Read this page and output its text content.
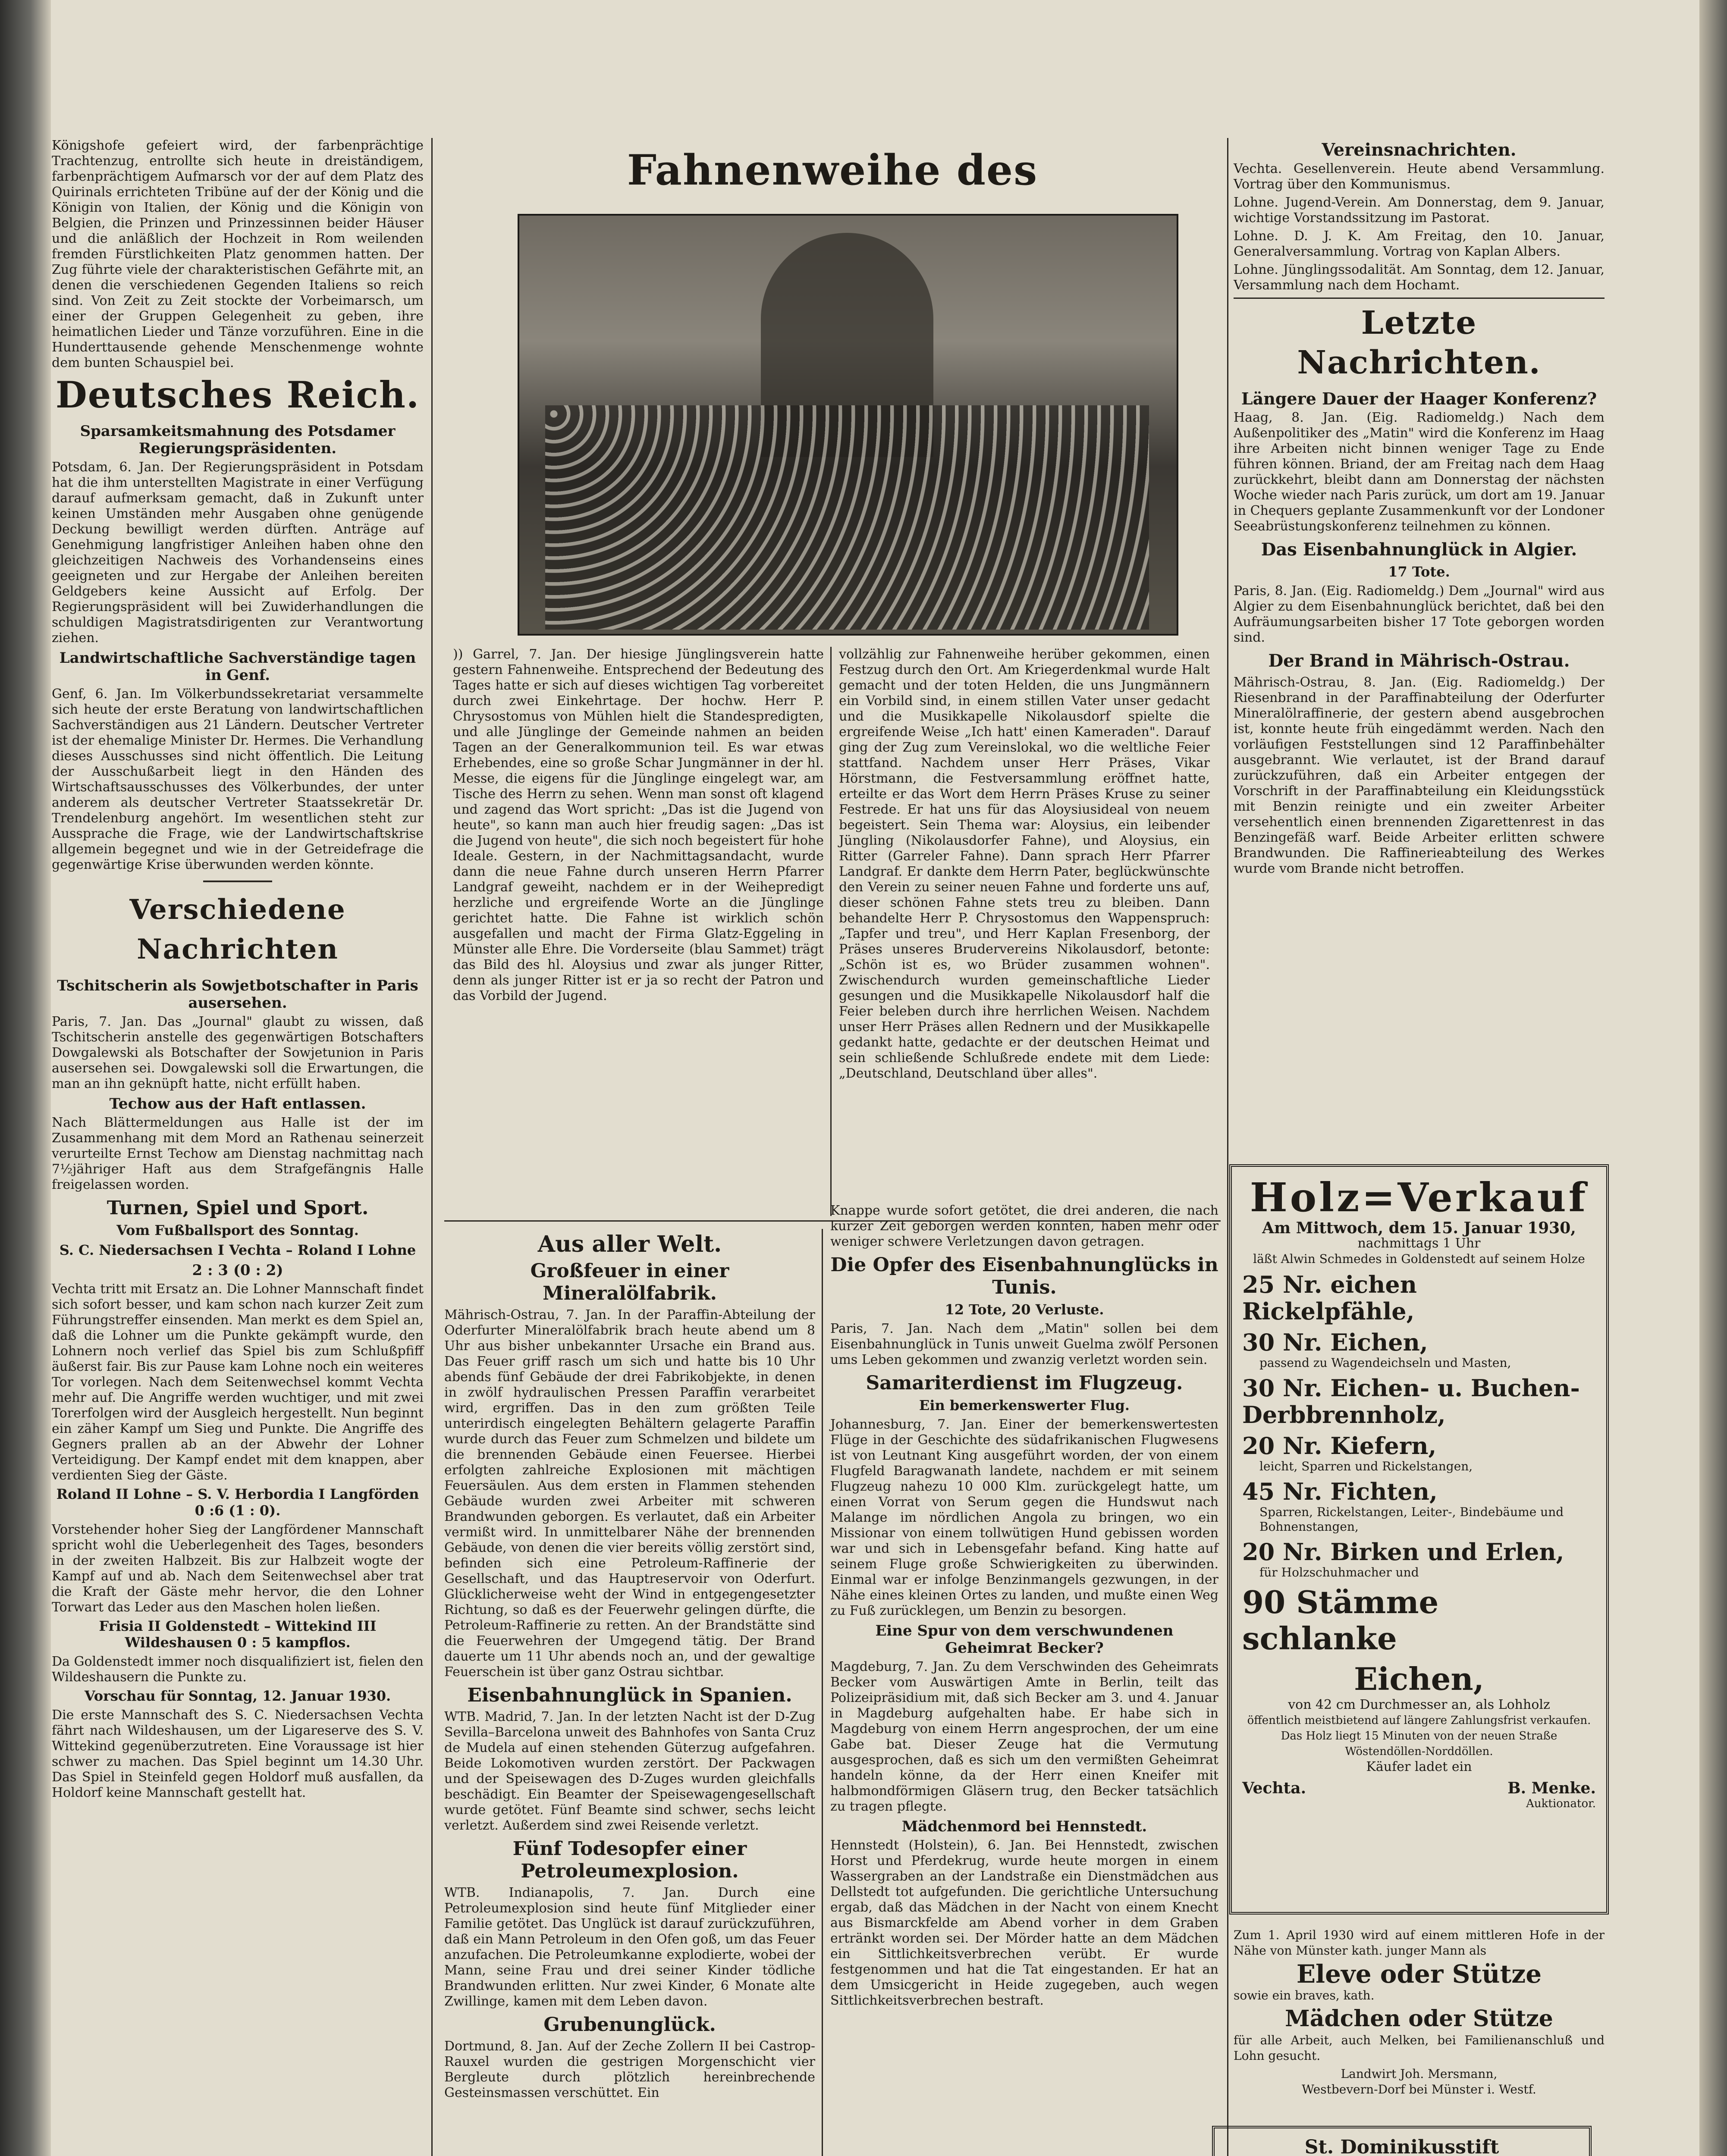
Königshofe gefeiert wird, der farbenprächtige Trachtenzug, entrollte sich heute in dreiständigem, farbenprächtigem Aufmarsch vor der auf dem Platz des Quirinals errichteten Tribüne auf der der König und die Königin von Italien, der König und die Königin von Belgien, die Prinzen und Prinzessinnen beider Häuser und die anläßlich der Hochzeit in Rom weilenden fremden Fürstlichkeiten Platz genommen hatten. Der Zug führte viele der charakteristischen Gefährte mit, an denen die verschiedenen Gegenden Italiens so reich sind. Von Zeit zu Zeit stockte der Vorbeimarsch, um einer der Gruppen Gelegenheit zu geben, ihre heimatlichen Lieder und Tänze vorzuführen. Eine in die Hunderttausende gehende Menschenmenge wohnte dem bunten Schauspiel bei.

Deutsches Reich.
Sparsamkeitsmahnung des Potsdamer Regierungspräsidenten.

Potsdam, 6. Jan. Der Regierungspräsident in Potsdam hat die ihm unterstellten Magistrate in einer Verfügung darauf aufmerksam gemacht, daß in Zukunft unter keinen Umständen mehr Ausgaben ohne genügende Deckung bewilligt werden dürften. Anträge auf Genehmigung langfristiger Anleihen haben ohne den gleichzeitigen Nachweis des Vorhandenseins eines geeigneten und zur Hergabe der Anleihen bereiten Geldgebers keine Aussicht auf Erfolg. Der Regierungspräsident will bei Zuwiderhandlungen die schuldigen Magistratsdirigenten zur Verantwortung ziehen.

Landwirtschaftliche Sachverständige tagen in Genf.

Genf, 6. Jan. Im Völkerbundssekretariat versammelte sich heute der erste Beratung von landwirtschaftlichen Sachverständigen aus 21 Ländern. Deutscher Vertreter ist der ehemalige Minister Dr. Hermes. Die Verhandlung dieses Ausschusses sind nicht öffentlich. Die Leitung der Ausschußarbeit liegt in den Händen des Wirtschaftsausschusses des Völkerbundes, der unter anderem als deutscher Vertreter Staatssekretär Dr. Trendelenburg angehört. Im wesentlichen steht zur Aussprache die Frage, wie der Landwirtschaftskrise allgemein begegnet und wie in der Getreidefrage die gegenwärtige Krise überwunden werden könnte.

Verschiedene Nachrichten
Tschitscherin als Sowjetbotschafter in Paris ausersehen.

Paris, 7. Jan. Das „Journal" glaubt zu wissen, daß Tschitscherin anstelle des gegenwärtigen Botschafters Dowgalewski als Botschafter der Sowjetunion in Paris ausersehen sei. Dowgalewski soll die Erwartungen, die man an ihn geknüpft hatte, nicht erfüllt haben.

Techow aus der Haft entlassen.

Nach Blättermeldungen aus Halle ist der im Zusammenhang mit dem Mord an Rathenau seinerzeit verurteilte Ernst Techow am Dienstag nachmittag nach 7½jähriger Haft aus dem Strafgefängnis Halle freigelassen worden.

Turnen, Spiel und Sport.
Vom Fußballsport des Sonntag.
S. C. Niedersachsen I Vechta – Roland I Lohne
2 : 3 (0 : 2)

Vechta tritt mit Ersatz an. Die Lohner Mannschaft findet sich sofort besser, und kam schon nach kurzer Zeit zum Führungstreffer einsenden. Man merkt es dem Spiel an, daß die Lohner um die Punkte gekämpft wurde, den Lohnern noch verlief das Spiel bis zum Schlußpfiff äußerst fair. Bis zur Pause kam Lohne noch ein weiteres Tor vorlegen. Nach dem Seitenwechsel kommt Vechta mehr auf. Die Angriffe werden wuchtiger, und mit zwei Torerfolgen wird der Ausgleich hergestellt. Nun beginnt ein zäher Kampf um Sieg und Punkte. Die Angriffe des Gegners prallen ab an der Abwehr der Lohner Verteidigung. Der Kampf endet mit dem knappen, aber verdienten Sieg der Gäste.

Roland II Lohne – S. V. Herbordia I Langförden 0 :6 (1 : 0).

Vorstehender hoher Sieg der Langfördener Mannschaft spricht wohl die Ueberlegenheit des Tages, besonders in der zweiten Halbzeit. Bis zur Halbzeit wogte der Kampf auf und ab. Nach dem Seitenwechsel aber trat die Kraft der Gäste mehr hervor, die den Lohner Torwart das Leder aus den Maschen holen ließen.

Frisia II Goldenstedt – Wittekind III Wildeshausen 0 : 5 kampflos.

Da Goldenstedt immer noch disqualifiziert ist, fielen den Wildeshausern die Punkte zu.

Vorschau für Sonntag, 12. Januar 1930.

Die erste Mannschaft des S. C. Niedersachsen Vechta fährt nach Wildeshausen, um der Ligareserve des S. V. Wittekind gegenüberzutreten. Eine Voraussage ist hier schwer zu machen. Das Spiel beginnt um 14.30 Uhr. Das Spiel in Steinfeld gegen Holdorf muß ausfallen, da Holdorf keine Mannschaft gestellt hat.

Fahnenweihe des

)) Garrel, 7. Jan. Der hiesige Jünglingsverein hatte gestern Fahnenweihe. Entsprechend der Bedeutung des Tages hatte er sich auf dieses wichtigen Tag vorbereitet durch zwei Einkehrtage. Der hochw. Herr P. Chrysostomus von Mühlen hielt die Standespredigten, und alle Jünglinge der Gemeinde nahmen an beiden Tagen an der Generalkommunion teil. Es war etwas Erhebendes, eine so große Schar Jungmänner in der hl. Messe, die eigens für die Jünglinge eingelegt war, am Tische des Herrn zu sehen. Wenn man sonst oft klagend und zagend das Wort spricht: „Das ist die Jugend von heute", so kann man auch hier freudig sagen: „Das ist die Jugend von heute", die sich noch begeistert für hohe Ideale. Gestern, in der Nachmittagsandacht, wurde dann die neue Fahne durch unseren Herrn Pfarrer Landgraf geweiht, nachdem er in der Weihepredigt herzliche und ergreifende Worte an die Jünglinge gerichtet hatte. Die Fahne ist wirklich schön ausgefallen und macht der Firma Glatz-Eggeling in Münster alle Ehre. Die Vorderseite (blau Sammet) trägt das Bild des hl. Aloysius und zwar als junger Ritter, denn als junger Ritter ist er ja so recht der Patron und das Vorbild der Jugend.

vollzählig zur Fahnenweihe herüber gekommen, einen Festzug durch den Ort. Am Kriegerdenkmal wurde Halt gemacht und der toten Helden, die uns Jungmännern ein Vorbild sind, in einem stillen Vater unser gedacht und die Musikkapelle Nikolausdorf spielte die ergreifende Weise „Ich hatt' einen Kameraden". Darauf ging der Zug zum Vereinslokal, wo die weltliche Feier stattfand. Nachdem unser Herr Präses, Vikar Hörstmann, die Festversammlung eröffnet hatte, erteilte er das Wort dem Herrn Präses Kruse zu seiner Festrede. Er hat uns für das Aloysiusideal von neuem begeistert. Sein Thema war: Aloysius, ein leibender Jüngling (Nikolausdorfer Fahne), und Aloysius, ein Ritter (Garreler Fahne). Dann sprach Herr Pfarrer Landgraf. Er dankte dem Herrn Pater, beglückwünschte den Verein zu seiner neuen Fahne und forderte uns auf, dieser schönen Fahne stets treu zu bleiben. Dann behandelte Herr P. Chrysostomus den Wappenspruch: „Tapfer und treu", und Herr Kaplan Fresenborg, der Präses unseres Brudervereins Nikolausdorf, betonte: „Schön ist es, wo Brüder zusammen wohnen". Zwischendurch wurden gemeinschaftliche Lieder gesungen und die Musikkapelle Nikolausdorf half die Feier beleben durch ihre herrlichen Weisen. Nachdem unser Herr Präses allen Rednern und der Musikkapelle gedankt hatte, gedachte er der deutschen Heimat und sein schließende Schlußrede endete mit dem Liede: „Deutschland, Deutschland über alles".

Aus aller Welt.
Großfeuer in einer Mineralölfabrik.

Mährisch-Ostrau, 7. Jan. In der Paraffin-Abteilung der Oderfurter Mineralölfabrik brach heute abend um 8 Uhr aus bisher unbekannter Ursache ein Brand aus. Das Feuer griff rasch um sich und hatte bis 10 Uhr abends fünf Gebäude der drei Fabrikobjekte, in denen in zwölf hydraulischen Pressen Paraffin verarbeitet wird, ergriffen. Das in den zum größten Teile unterirdisch eingelegten Behältern gelagerte Paraffin wurde durch das Feuer zum Schmelzen und bildete um die brennenden Gebäude einen Feuersee. Hierbei erfolgten zahlreiche Explosionen mit mächtigen Feuersäulen. Aus dem ersten in Flammen stehenden Gebäude wurden zwei Arbeiter mit schweren Brandwunden geborgen. Es verlautet, daß ein Arbeiter vermißt wird. In unmittelbarer Nähe der brennenden Gebäude, von denen die vier bereits völlig zerstört sind, befinden sich eine Petroleum-Raffinerie der Gesellschaft, und das Hauptreservoir von Oderfurt. Glücklicherweise weht der Wind in entgegengesetzter Richtung, so daß es der Feuerwehr gelingen dürfte, die Petroleum-Raffinerie zu retten. An der Brandstätte sind die Feuerwehren der Umgegend tätig. Der Brand dauerte um 11 Uhr abends noch an, und der gewaltige Feuerschein ist über ganz Ostrau sichtbar.

Eisenbahnunglück in Spanien.

WTB. Madrid, 7. Jan. In der letzten Nacht ist der D-Zug Sevilla–Barcelona unweit des Bahnhofes von Santa Cruz de Mudela auf einen stehenden Güterzug aufgefahren. Beide Lokomotiven wurden zerstört. Der Packwagen und der Speisewagen des D-Zuges wurden gleichfalls beschädigt. Ein Beamter der Speisewagengesellschaft wurde getötet. Fünf Beamte sind schwer, sechs leicht verletzt. Außerdem sind zwei Reisende verletzt.

Fünf Todesopfer einer Petroleumexplosion.

WTB. Indianapolis, 7. Jan. Durch eine Petroleumexplosion sind heute fünf Mitglieder einer Familie getötet. Das Unglück ist darauf zurückzuführen, daß ein Mann Petroleum in den Ofen goß, um das Feuer anzufachen. Die Petroleumkanne explodierte, wobei der Mann, seine Frau und drei seiner Kinder tödliche Brandwunden erlitten. Nur zwei Kinder, 6 Monate alte Zwillinge, kamen mit dem Leben davon.

Grubenunglück.

Dortmund, 8. Jan. Auf der Zeche Zollern II bei Castrop-Rauxel wurden die gestrigen Morgenschicht vier Bergleute durch plötzlich hereinbrechende Gesteinsmassen verschüttet. Ein

Knappe wurde sofort getötet, die drei anderen, die nach kurzer Zeit geborgen werden konnten, haben mehr oder weniger schwere Verletzungen davon getragen.

Die Opfer des Eisenbahnunglücks in Tunis.
12 Tote, 20 Verluste.

Paris, 7. Jan. Nach dem „Matin" sollen bei dem Eisenbahnunglück in Tunis unweit Guelma zwölf Personen ums Leben gekommen und zwanzig verletzt worden sein.

Samariterdienst im Flugzeug.
Ein bemerkenswerter Flug.

Johannesburg, 7. Jan. Einer der bemerkenswertesten Flüge in der Geschichte des südafrikanischen Flugwesens ist von Leutnant King ausgeführt worden, der von einem Flugfeld Baragwanath landete, nachdem er mit seinem Flugzeug nahezu 10 000 Klm. zurückgelegt hatte, um einen Vorrat von Serum gegen die Hundswut nach Malange im nördlichen Angola zu bringen, wo ein Missionar von einem tollwütigen Hund gebissen worden war und sich in Lebensgefahr befand. King hatte auf seinem Fluge große Schwierigkeiten zu überwinden. Einmal war er infolge Benzinmangels gezwungen, in der Nähe eines kleinen Ortes zu landen, und mußte einen Weg zu Fuß zurücklegen, um Benzin zu besorgen.

Eine Spur von dem verschwundenen Geheimrat Becker?

Magdeburg, 7. Jan. Zu dem Verschwinden des Geheimrats Becker vom Auswärtigen Amte in Berlin, teilt das Polizeipräsidium mit, daß sich Becker am 3. und 4. Januar in Magdeburg aufgehalten habe. Er habe sich in Magdeburg von einem Herrn angesprochen, der um eine Gabe bat. Dieser Zeuge hat die Vermutung ausgesprochen, daß es sich um den vermißten Geheimrat handeln könne, da der Herr einen Kneifer mit halbmondförmigen Gläsern trug, den Becker tatsächlich zu tragen pflegte.

Mädchenmord bei Hennstedt.

Hennstedt (Holstein), 6. Jan. Bei Hennstedt, zwischen Horst und Pferdekrug, wurde heute morgen in einem Wassergraben an der Landstraße ein Dienstmädchen aus Dellstedt tot aufgefunden. Die gerichtliche Untersuchung ergab, daß das Mädchen in der Nacht von einem Knecht aus Bismarckfelde am Abend vorher in dem Graben ertränkt worden sei. Der Mörder hatte an dem Mädchen ein Sittlichkeitsverbrechen verübt. Er wurde festgenommen und hat die Tat eingestanden. Er hat an dem Umsicgericht in Heide zugegeben, auch wegen Sittlichkeitsverbrechen bestraft.

Vereinsnachrichten.

Vechta. Gesellenverein. Heute abend Versammlung. Vortrag über den Kommunismus.

Lohne. Jugend-Verein. Am Donnerstag, dem 9. Januar, wichtige Vorstandssitzung im Pastorat.

Lohne. D. J. K. Am Freitag, den 10. Januar, Generalversammlung. Vortrag von Kaplan Albers.

Lohne. Jünglingssodalität. Am Sonntag, dem 12. Januar, Versammlung nach dem Hochamt.

Letzte Nachrichten.
Längere Dauer der Haager Konferenz?

Haag, 8. Jan. (Eig. Radiomeldg.) Nach dem Außenpolitiker des „Matin" wird die Konferenz im Haag ihre Arbeiten nicht binnen weniger Tage zu Ende führen können. Briand, der am Freitag nach dem Haag zurückkehrt, bleibt dann am Donnerstag der nächsten Woche wieder nach Paris zurück, um dort am 19. Januar in Chequers geplante Zusammenkunft vor der Londoner Seeabrüstungskonferenz teilnehmen zu können.

Das Eisenbahnunglück in Algier.
17 Tote.

Paris, 8. Jan. (Eig. Radiomeldg.) Dem „Journal" wird aus Algier zu dem Eisenbahnunglück berichtet, daß bei den Aufräumungsarbeiten bisher 17 Tote geborgen worden sind.

Der Brand in Mährisch-Ostrau.

Mährisch-Ostrau, 8. Jan. (Eig. Radiomeldg.) Der Riesenbrand in der Paraffinabteilung der Oderfurter Mineralölraffinerie, der gestern abend ausgebrochen ist, konnte heute früh eingedämmt werden. Nach den vorläufigen Feststellungen sind 12 Paraffinbehälter ausgebrannt. Wie verlautet, ist der Brand darauf zurückzuführen, daß ein Arbeiter entgegen der Vorschrift in der Paraffinabteilung ein Kleidungsstück mit Benzin reinigte und ein zweiter Arbeiter versehentlich einen brennenden Zigarettenrest in das Benzingefäß warf. Beide Arbeiter erlitten schwere Brandwunden. Die Raffinerieabteilung des Werkes wurde vom Brande nicht betroffen.

Holz=Verkauf
Am Mittwoch, dem 15. Januar 1930,
nachmittags 1 Uhr
läßt Alwin Schmedes in Goldenstedt auf seinem Holze
25 Nr. eichen Rickelpfähle,
30 Nr. Eichen,
passend zu Wagendeichseln und Masten,
30 Nr. Eichen- u. Buchen-Derbbrennholz,
20 Nr. Kiefern,
leicht, Sparren und Rickelstangen,
45 Nr. Fichten,
Sparren, Rickelstangen, Leiter-, Bindebäume und Bohnenstangen,
20 Nr. Birken und Erlen,
für Holzschuhmacher und
90 Stämme schlanke
Eichen,
von 42 cm Durchmesser an, als Lohholz
öffentlich meistbietend auf längere Zahlungsfrist verkaufen.
Das Holz liegt 15 Minuten von der neuen Straße Wöstendöllen-Norddöllen.
Käufer ladet ein
Vechta.	B. Menke.
Auktionator.

Zum 1. April 1930 wird auf einem mittleren Hofe in der Nähe von Münster kath. junger Mann als

Eleve oder Stütze

sowie ein braves, kath.

Mädchen oder Stütze

für alle Arbeit, auch Melken, bei Familienanschluß und Lohn gesucht.

Landwirt Joh. Mersmann,
Westbevern-Dorf bei Münster i. Westf.
St. Dominikusstift
